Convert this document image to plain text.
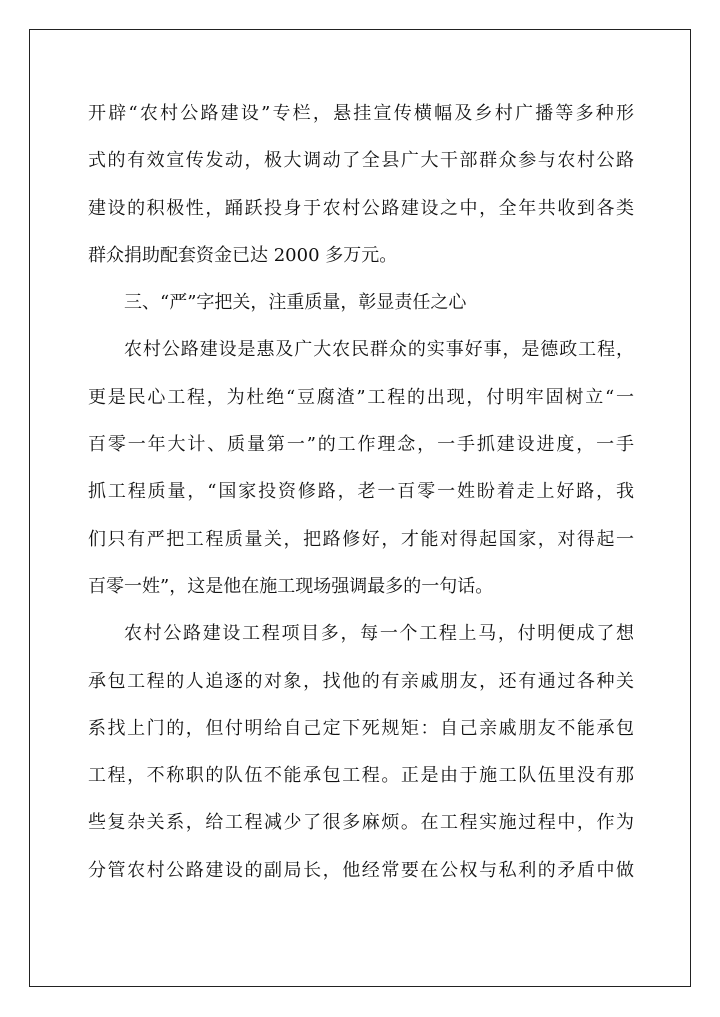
开辟“农村公路建设”专栏，悬挂宣传横幅及乡村广播等多种形
式的有效宣传发动，极大调动了全县广大干部群众参与农村公路
建设的积极性，踊跃投身于农村公路建设之中，全年共收到各类
群众捐助配套资金已达 2000 多万元。
三、“严”字把关，注重质量，彰显责任之心
农村公路建设是惠及广大农民群众的实事好事，是德政工程，
更是民心工程，为杜绝“豆腐渣”工程的出现，付明牢固树立“一
百零一年大计、质量第一”的工作理念，一手抓建设进度，一手
抓工程质量，“国家投资修路，老一百零一姓盼着走上好路，我
们只有严把工程质量关，把路修好，才能对得起国家，对得起一
百零一姓”，这是他在施工现场强调最多的一句话。
农村公路建设工程项目多，每一个工程上马，付明便成了想
承包工程的人追逐的对象，找他的有亲戚朋友，还有通过各种关
系找上门的，但付明给自己定下死规矩：自己亲戚朋友不能承包
工程，不称职的队伍不能承包工程。正是由于施工队伍里没有那
些复杂关系，给工程减少了很多麻烦。在工程实施过程中，作为
分管农村公路建设的副局长，他经常要在公权与私利的矛盾中做
